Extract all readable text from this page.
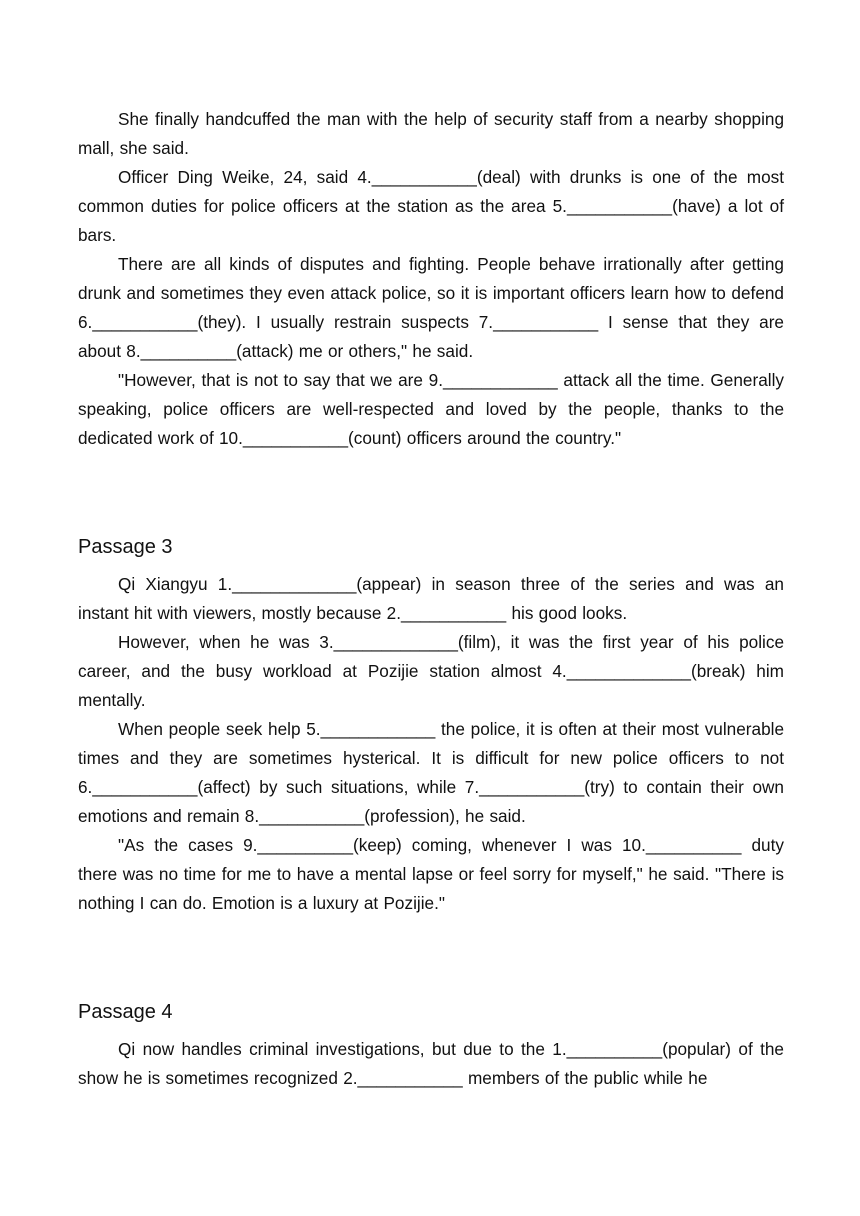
She finally handcuffed the man with the help of security staff from a nearby shopping mall, she said.

Officer Ding Weike, 24, said 4.___________(deal) with drunks is one of the most common duties for police officers at the station as the area 5.___________(have) a lot of bars.

There are all kinds of disputes and fighting. People behave irrationally after getting drunk and sometimes they even attack police, so it is important officers learn how to defend 6.___________(they). I usually restrain suspects 7.___________ I sense that they are about 8.__________(attack) me or others," he said.

"However, that is not to say that we are 9.____________ attack all the time. Generally speaking, police officers are well-respected and loved by the people, thanks to the dedicated work of 10.___________(count) officers around the country."

Passage 3

Qi Xiangyu 1._____________(appear) in season three of the series and was an instant hit with viewers, mostly because 2.___________ his good looks.

However, when he was 3._____________(film), it was the first year of his police career, and the busy workload at Pozijie station almost 4._____________(break) him mentally.

When people seek help 5.____________ the police, it is often at their most vulnerable times and they are sometimes hysterical. It is difficult for new police officers to not 6.___________(affect) by such situations, while 7.___________(try) to contain their own emotions and remain 8.___________(profession), he said.

"As the cases 9.__________(keep) coming, whenever I was 10.__________ duty there was no time for me to have a mental lapse or feel sorry for myself," he said. "There is nothing I can do. Emotion is a luxury at Pozijie."

Passage 4

Qi now handles criminal investigations, but due to the 1.__________(popular) of the show he is sometimes recognized 2.___________ members of the public while he
